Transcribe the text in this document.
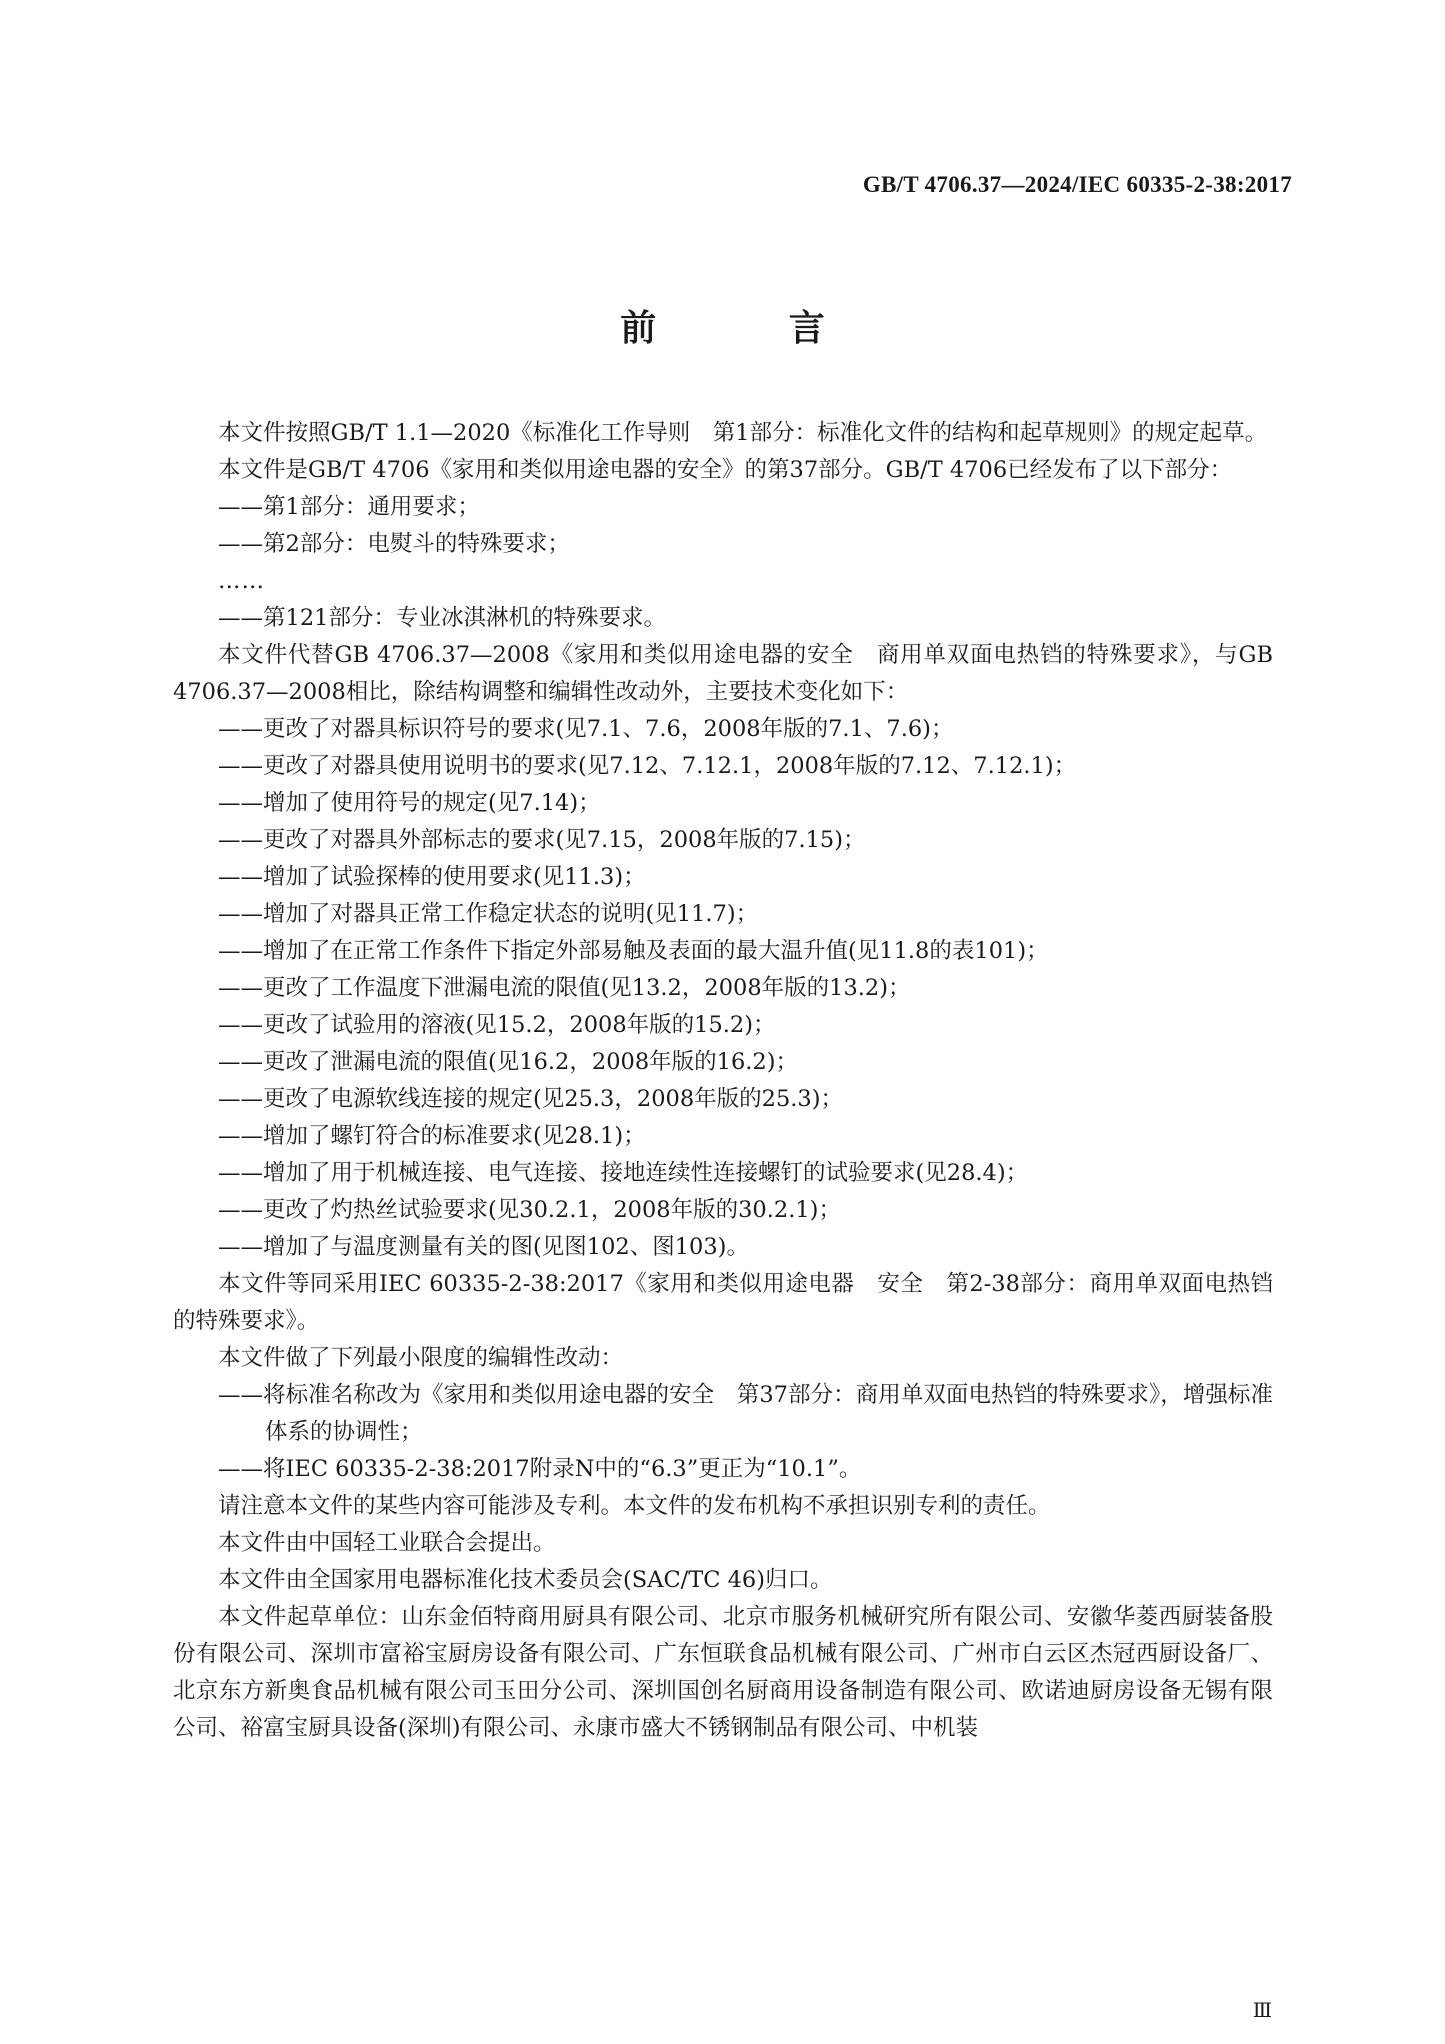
GB/T 4706.37—2024/IEC 60335-2-38:2017
前 言

本文件按照GB/T 1.1—2020《标准化工作导则　第1部分：标准化文件的结构和起草规则》的规定起草。

本文件是GB/T 4706《家用和类似用途电器的安全》的第37部分。GB/T 4706已经发布了以下部分：

——第1部分：通用要求；

——第2部分：电熨斗的特殊要求；

……

——第121部分：专业冰淇淋机的特殊要求。

本文件代替GB 4706.37—2008《家用和类似用途电器的安全　商用单双面电热铛的特殊要求》，与GB 4706.37—2008相比，除结构调整和编辑性改动外，主要技术变化如下：

——更改了对器具标识符号的要求(见7.1、7.6，2008年版的7.1、7.6)；

——更改了对器具使用说明书的要求(见7.12、7.12.1，2008年版的7.12、7.12.1)；

——增加了使用符号的规定(见7.14)；

——更改了对器具外部标志的要求(见7.15，2008年版的7.15)；

——增加了试验探棒的使用要求(见11.3)；

——增加了对器具正常工作稳定状态的说明(见11.7)；

——增加了在正常工作条件下指定外部易触及表面的最大温升值(见11.8的表101)；

——更改了工作温度下泄漏电流的限值(见13.2，2008年版的13.2)；

——更改了试验用的溶液(见15.2，2008年版的15.2)；

——更改了泄漏电流的限值(见16.2，2008年版的16.2)；

——更改了电源软线连接的规定(见25.3，2008年版的25.3)；

——增加了螺钉符合的标准要求(见28.1)；

——增加了用于机械连接、电气连接、接地连续性连接螺钉的试验要求(见28.4)；

——更改了灼热丝试验要求(见30.2.1，2008年版的30.2.1)；

——增加了与温度测量有关的图(见图102、图103)。

本文件等同采用IEC 60335-2-38:2017《家用和类似用途电器　安全　第2-38部分：商用单双面电热铛的特殊要求》。

本文件做了下列最小限度的编辑性改动：

——将标准名称改为《家用和类似用途电器的安全　第37部分：商用单双面电热铛的特殊要求》，增强标准体系的协调性；

——将IEC 60335-2-38:2017附录N中的“6.3”更正为“10.1”。

请注意本文件的某些内容可能涉及专利。本文件的发布机构不承担识别专利的责任。

本文件由中国轻工业联合会提出。

本文件由全国家用电器标准化技术委员会(SAC/TC 46)归口。

本文件起草单位：山东金佰特商用厨具有限公司、北京市服务机械研究所有限公司、安徽华菱西厨装备股份有限公司、深圳市富裕宝厨房设备有限公司、广东恒联食品机械有限公司、广州市白云区杰冠西厨设备厂、北京东方新奥食品机械有限公司玉田分公司、深圳国创名厨商用设备制造有限公司、欧诺迪厨房设备无锡有限公司、裕富宝厨具设备(深圳)有限公司、永康市盛大不锈钢制品有限公司、中机装

Ⅲ
